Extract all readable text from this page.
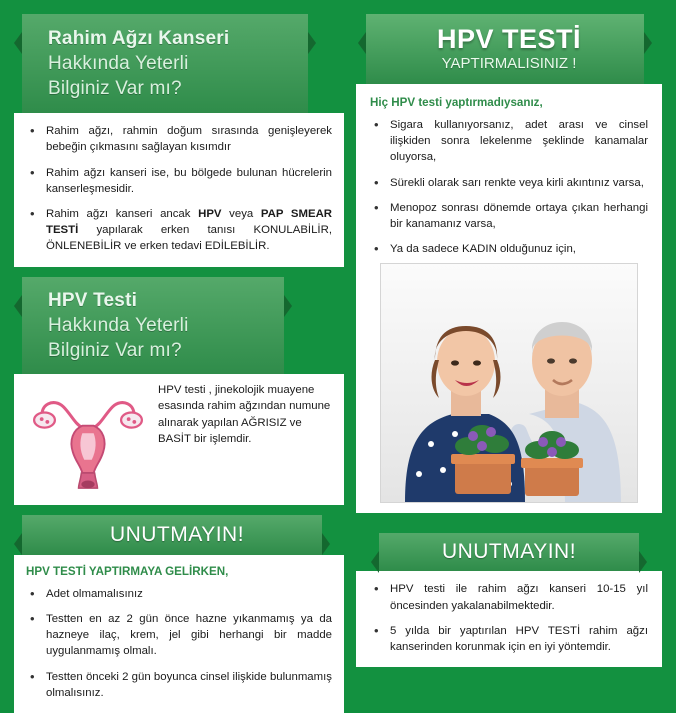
Rahim Ağzı Kanseri
Hakkında Yeterli
Bilginiz Var mı?
• Rahim ağzı, rahmin doğum sırasında genişleyerek bebeğin çıkmasını sağlayan kısımdır
• Rahim ağzı kanseri ise, bu bölgede bulunan hücrelerin kanserleşmesidir.
• Rahim ağzı kanseri ancak HPV veya PAP SMEAR TESTİ yapılarak erken tanısı KONULABİLİR, ÖNLENEBİLİR ve erken tedavi EDİLEBİLİR.
HPV Testi
Hakkında Yeterli
Bilginiz Var mı?
HPV testi , jinekolojik muayene esasında rahim ağzından numune alınarak yapılan AĞRISIZ ve BASİT bir işlemdir.
UNUTMAYIN!
HPV TESTİ YAPTIRMAYA GELİRKEN,
• Adet olmamalısınız
• Testten en az 2 gün önce hazne yıkanmamış ya da hazneye ilaç, krem, jel gibi herhangi bir madde uygulanmamış olmalı.
• Testten önceki 2 gün boyunca cinsel ilişkide bulunmamış olmalısınız.
HPV TESTİ
YAPTIRMALISINIZ !
Hiç HPV testi yaptırmadıysanız,
• Sigara kullanıyorsanız, adet arası ve cinsel ilişkiden sonra lekelenme şeklinde kanamalar oluyorsa,
• Sürekli olarak sarı renkte veya kirli akıntınız varsa,
• Menopoz sonrası dönemde ortaya çıkan herhangi bir kanamanız varsa,
• Ya da sadece KADIN olduğunuz için,
UNUTMAYIN!
• HPV testi ile rahim ağzı kanseri 10-15 yıl öncesinden yakalanabilmektedir.
• 5 yılda bir yaptırılan HPV TESTİ rahim ağzı kanserinden korunmak için en iyi yöntemdir.
